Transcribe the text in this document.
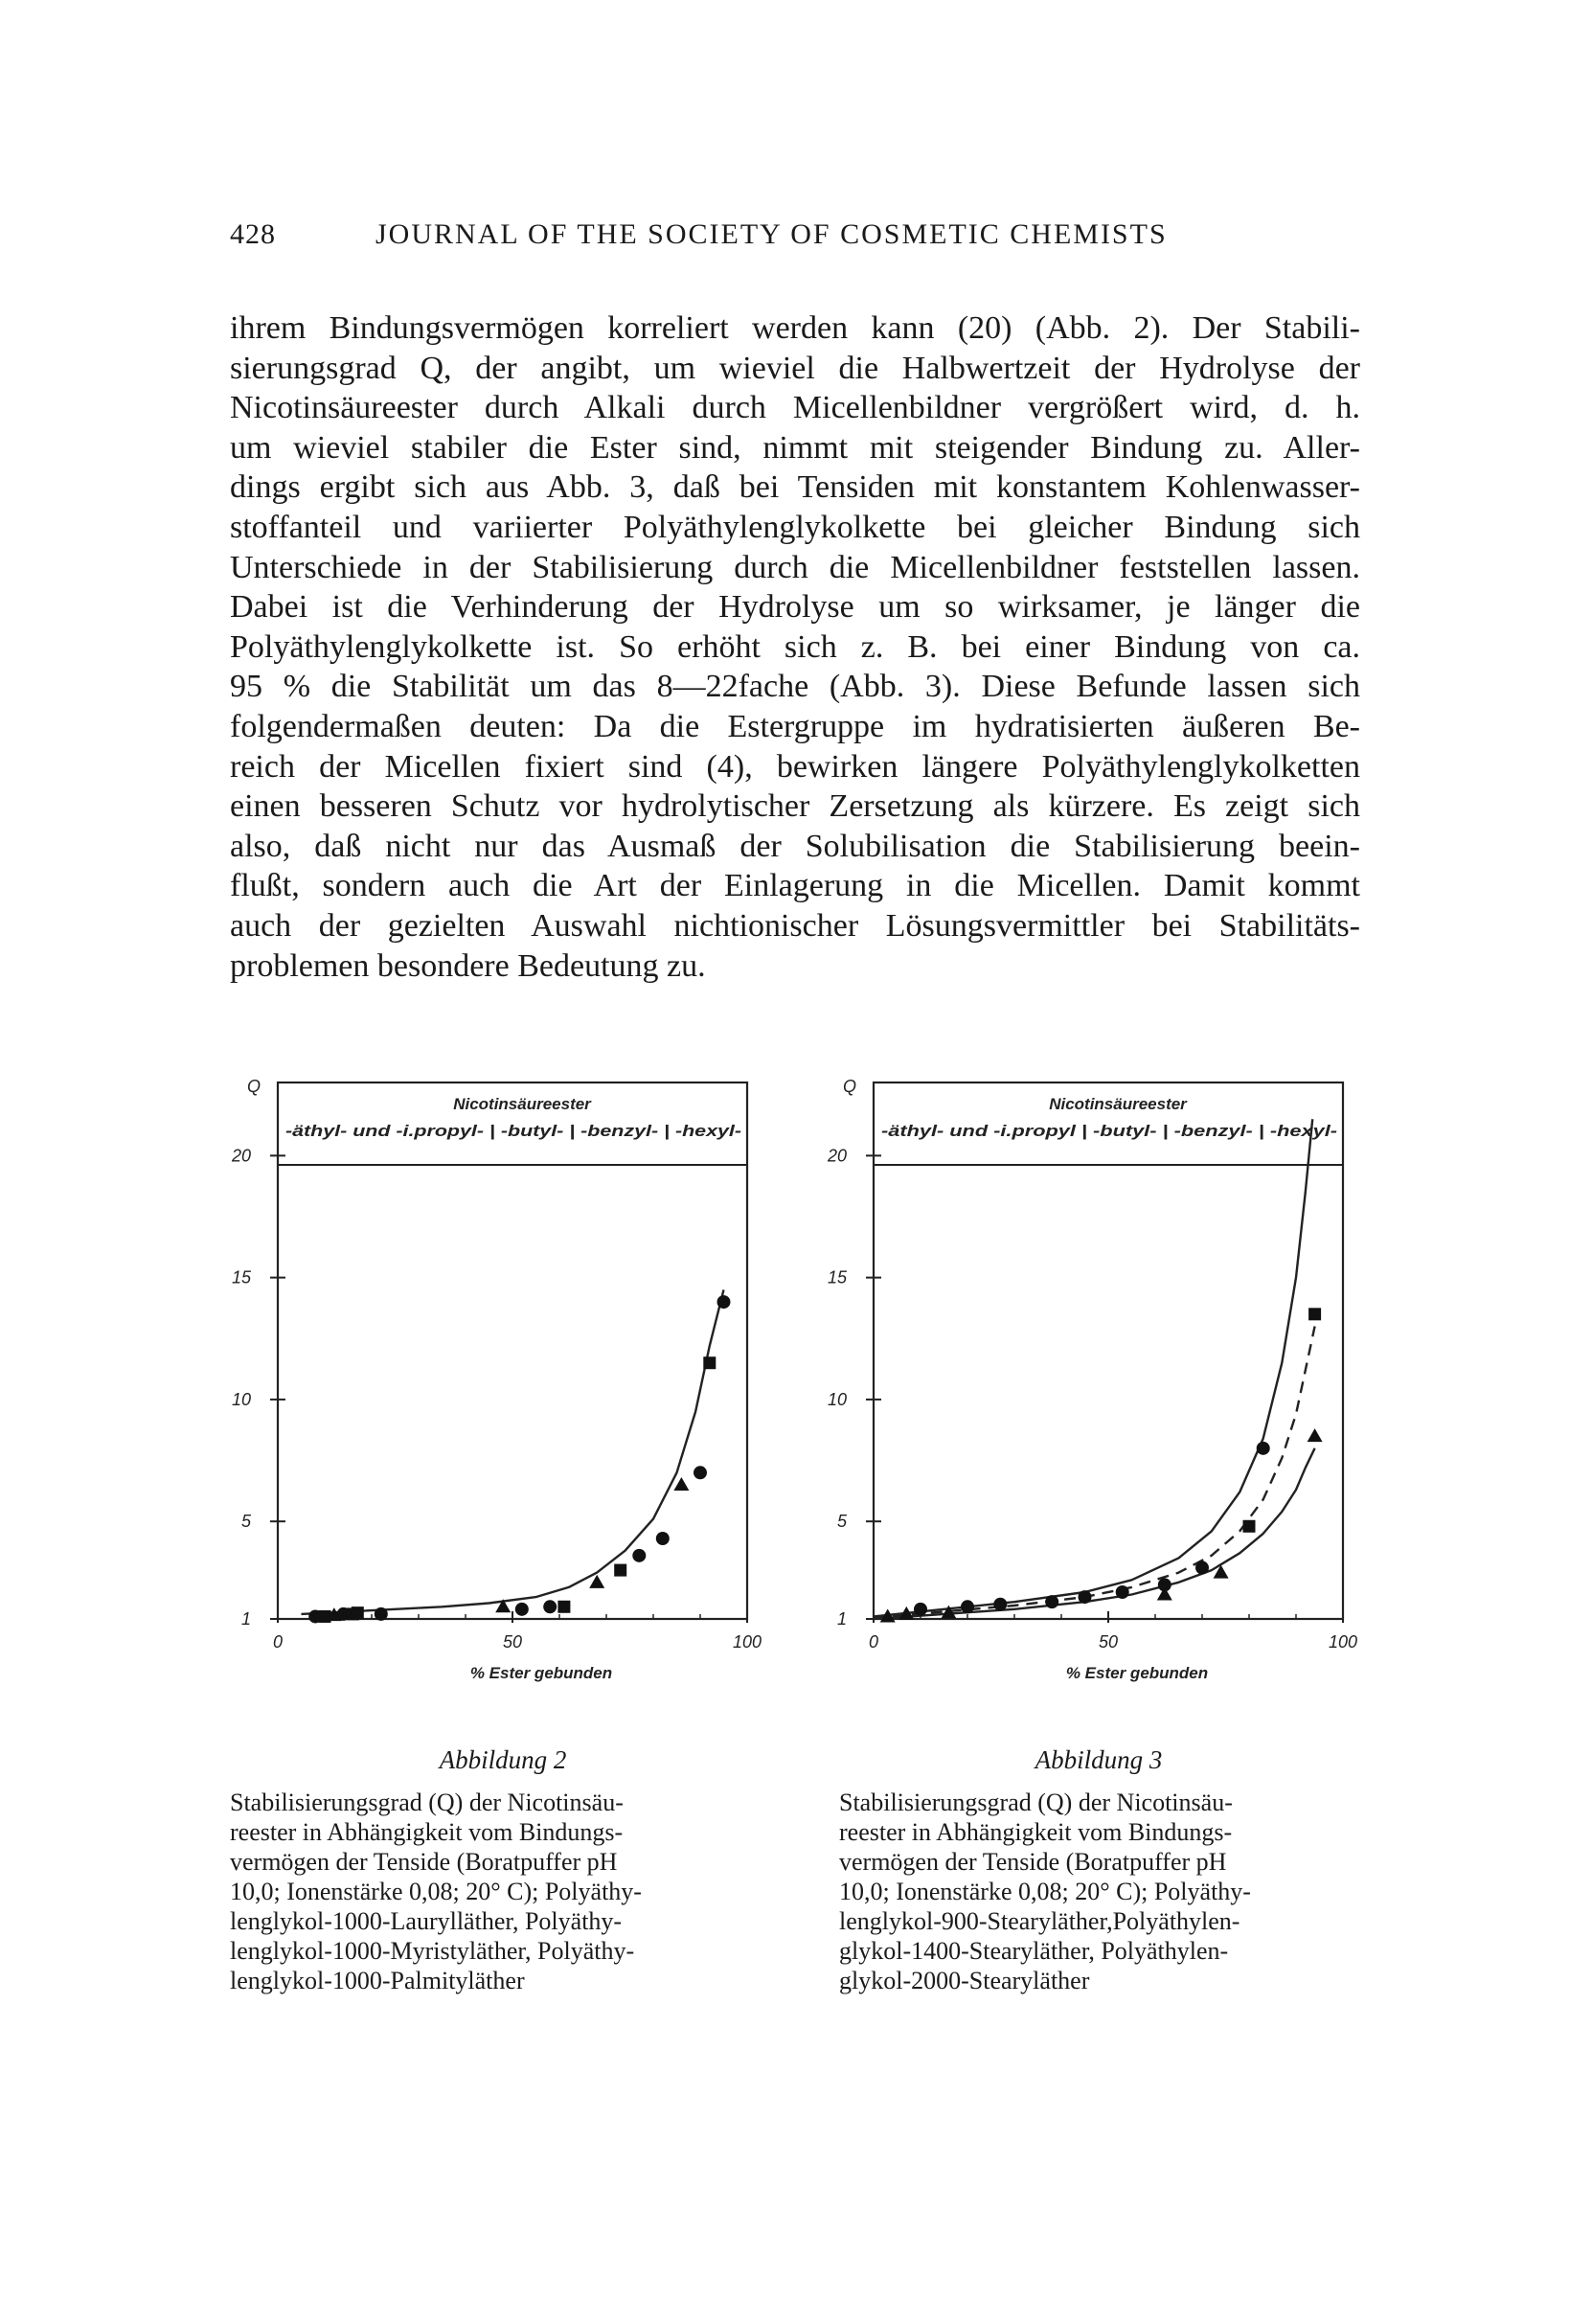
428	JOURNAL OF THE SOCIETY OF COSMETIC CHEMISTS
ihrem Bindungsvermögen korreliert werden kann (20) (Abb. 2). Der Stabili-
sierungsgrad Q, der angibt, um wieviel die Halbwertzeit der Hydrolyse der
Nicotinsäureester durch Alkali durch Micellenbildner vergrößert wird, d. h.
um wieviel stabiler die Ester sind, nimmt mit steigender Bindung zu. Aller-
dings ergibt sich aus Abb. 3, daß bei Tensiden mit konstantem Kohlenwasser-
stoffanteil und variierter Polyäthylenglykolkette bei gleicher Bindung sich
Unterschiede in der Stabilisierung durch die Micellenbildner feststellen lassen.
Dabei ist die Verhinderung der Hydrolyse um so wirksamer, je länger die
Polyäthylenglykolkette ist. So erhöht sich z. B. bei einer Bindung von ca.
95 % die Stabilität um das 8—22fache (Abb. 3). Diese Befunde lassen sich
folgendermaßen deuten: Da die Estergruppe im hydratisierten äußeren Be-
reich der Micellen fixiert sind (4), bewirken längere Polyäthylenglykolketten
einen besseren Schutz vor hydrolytischer Zersetzung als kürzere. Es zeigt sich
also, daß nicht nur das Ausmaß der Solubilisation die Stabilisierung beein-
flußt, sondern auch die Art der Einlagerung in die Micellen. Damit kommt
auch der gezielten Auswahl nichtionischer Lösungsvermittler bei Stabilitäts-
problemen besondere Bedeutung zu.
Nicotinsäureester
-äthyl- und -i.propyl- | -butyl- | -benzyl- | -hexyl-
Q
1
5
10
15
20
0	50	100
% Ester gebunden
Nicotinsäureester
-äthyl- und -i.propyl | -butyl- | -benzyl- | -hexyl-
Q
1
5
10
15
20
0	50	100
% Ester gebunden
Abbildung 2
Stabilisierungsgrad (Q) der Nicotinsäu-
reester in Abhängigkeit vom Bindungs-
vermögen der Tenside (Boratpuffer pH
10,0; Ionenstärke 0,08; 20° C); Polyäthy-
lenglykol-1000-Laurylläther, Polyäthy-
lenglykol-1000-Myristyläther, Polyäthy-
lenglykol-1000-Palmityläther
Abbildung 3
Stabilisierungsgrad (Q) der Nicotinsäu-
reester in Abhängigkeit vom Bindungs-
vermögen der Tenside (Boratpuffer pH
10,0; Ionenstärke 0,08; 20° C); Polyäthy-
lenglykol-900-Stearyläther,Polyäthylen-
glykol-1400-Stearyläther, Polyäthylen-
glykol-2000-Stearyläther
